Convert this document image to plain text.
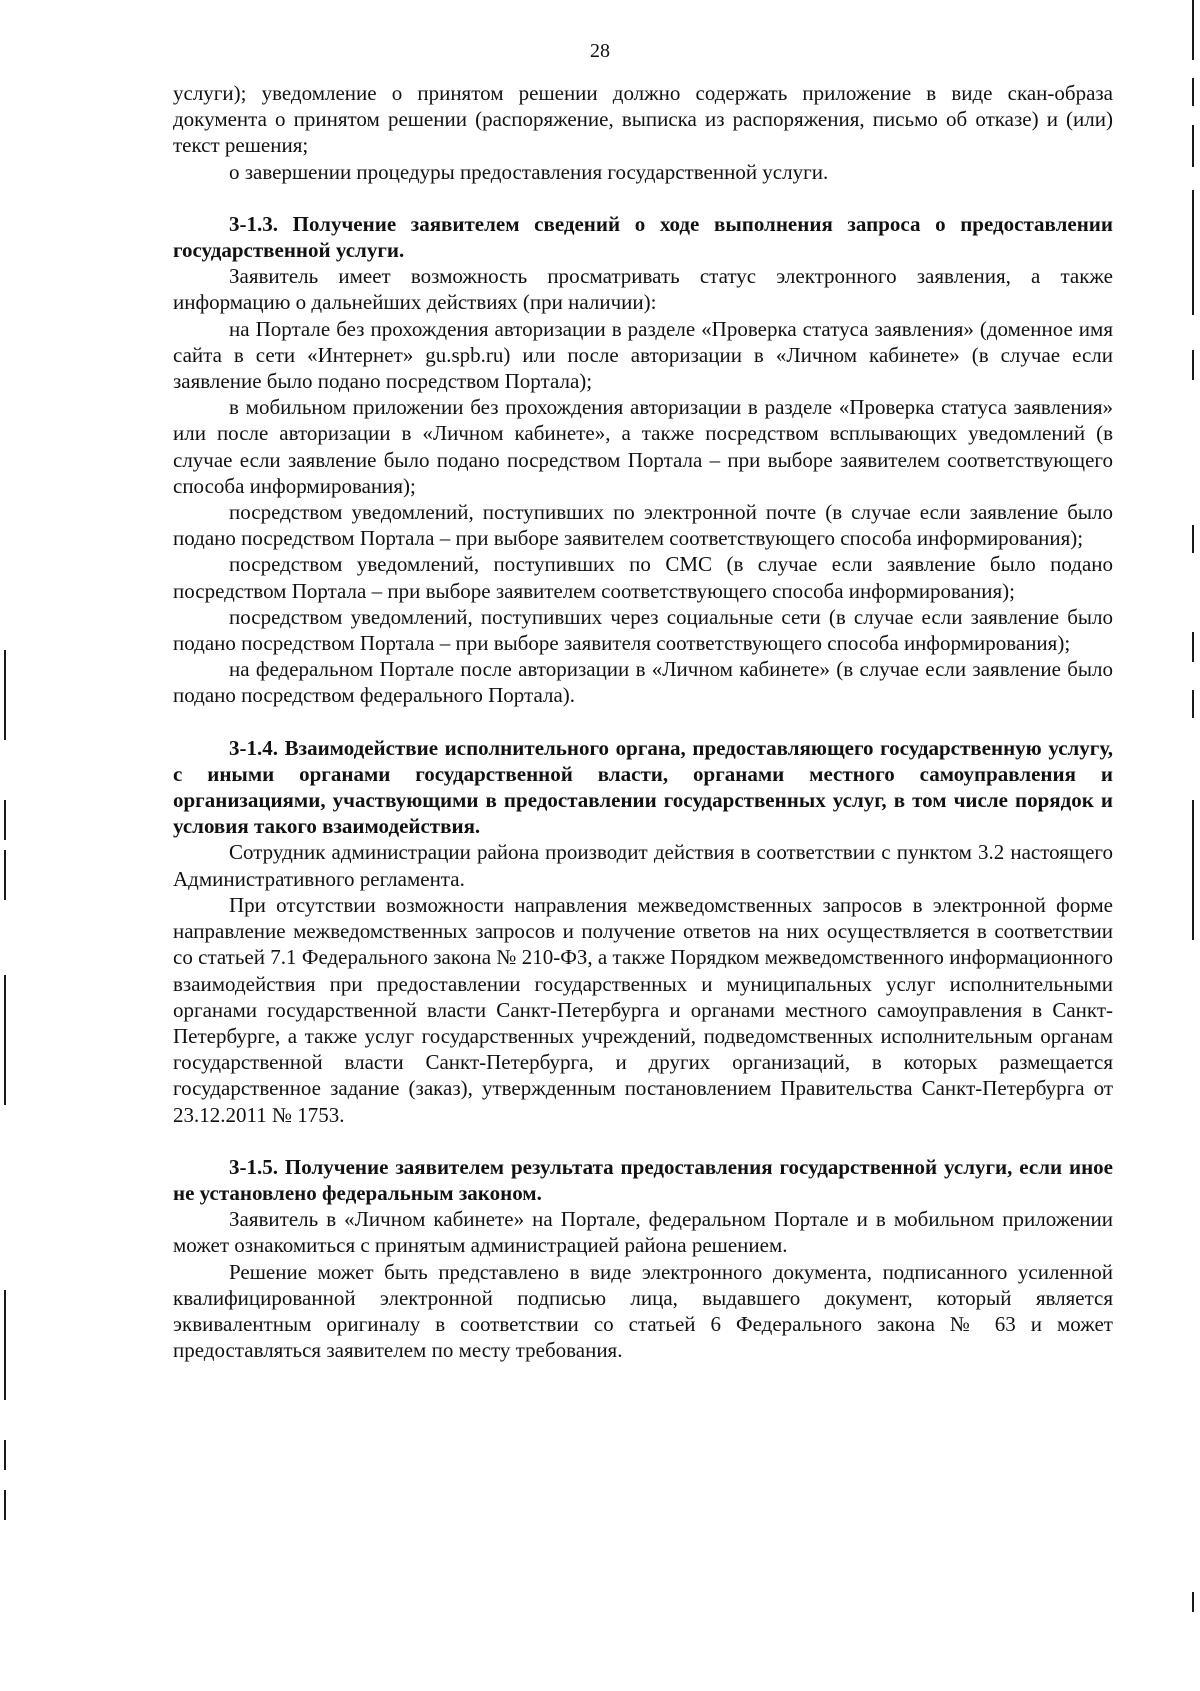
28

услуги); уведомление о принятом решении должно содержать приложение в виде скан-образа документа о принятом решении (распоряжение, выписка из распоряжения, письмо об отказе) и (или) текст решения;

о завершении процедуры предоставления государственной услуги.

3-1.3. Получение заявителем сведений о ходе выполнения запроса о предоставлении государственной услуги.

Заявитель имеет возможность просматривать статус электронного заявления, а также информацию о дальнейших действиях (при наличии):

на Портале без прохождения авторизации в разделе «Проверка статуса заявления» (доменное имя сайта в сети «Интернет» gu.spb.ru) или после авторизации в «Личном кабинете» (в случае если заявление было подано посредством Портала);

в мобильном приложении без прохождения авторизации в разделе «Проверка статуса заявления» или после авторизации в «Личном кабинете», а также посредством всплывающих уведомлений (в случае если заявление было подано посредством Портала – при выборе заявителем соответствующего способа информирования);

посредством уведомлений, поступивших по электронной почте (в случае если заявление было подано посредством Портала – при выборе заявителем соответствующего способа информирования);

посредством уведомлений, поступивших по СМС (в случае если заявление было подано посредством Портала – при выборе заявителем соответствующего способа информирования);

посредством уведомлений, поступивших через социальные сети (в случае если заявление было подано посредством Портала – при выборе заявителя соответствующего способа информирования);

на федеральном Портале после авторизации в «Личном кабинете» (в случае если заявление было подано посредством федерального Портала).

3-1.4. Взаимодействие исполнительного органа, предоставляющего государственную услугу, с иными органами государственной власти, органами местного самоуправления и организациями, участвующими в предоставлении государственных услуг, в том числе порядок и условия такого взаимодействия.

Сотрудник администрации района производит действия в соответствии с пунктом 3.2 настоящего Административного регламента.

При отсутствии возможности направления межведомственных запросов в электронной форме направление межведомственных запросов и получение ответов на них осуществляется в соответствии со статьей 7.1 Федерального закона № 210-ФЗ, а также Порядком межведомственного информационного взаимодействия при предоставлении государственных и муниципальных услуг исполнительными органами государственной власти Санкт-Петербурга и органами местного самоуправления в Санкт-Петербурге, а также услуг государственных учреждений, подведомственных исполнительным органам государственной власти Санкт-Петербурга, и других организаций, в которых размещается государственное задание (заказ), утвержденным постановлением Правительства Санкт-Петербурга от 23.12.2011 № 1753.

3-1.5. Получение заявителем результата предоставления государственной услуги, если иное не установлено федеральным законом.

Заявитель в «Личном кабинете» на Портале, федеральном Портале и в мобильном приложении может ознакомиться с принятым администрацией района решением.

Решение может быть представлено в виде электронного документа, подписанного усиленной квалифицированной электронной подписью лица, выдавшего документ, который является эквивалентным оригиналу в соответствии со статьей 6 Федерального закона № 63 и может предоставляться заявителем по месту требования.
